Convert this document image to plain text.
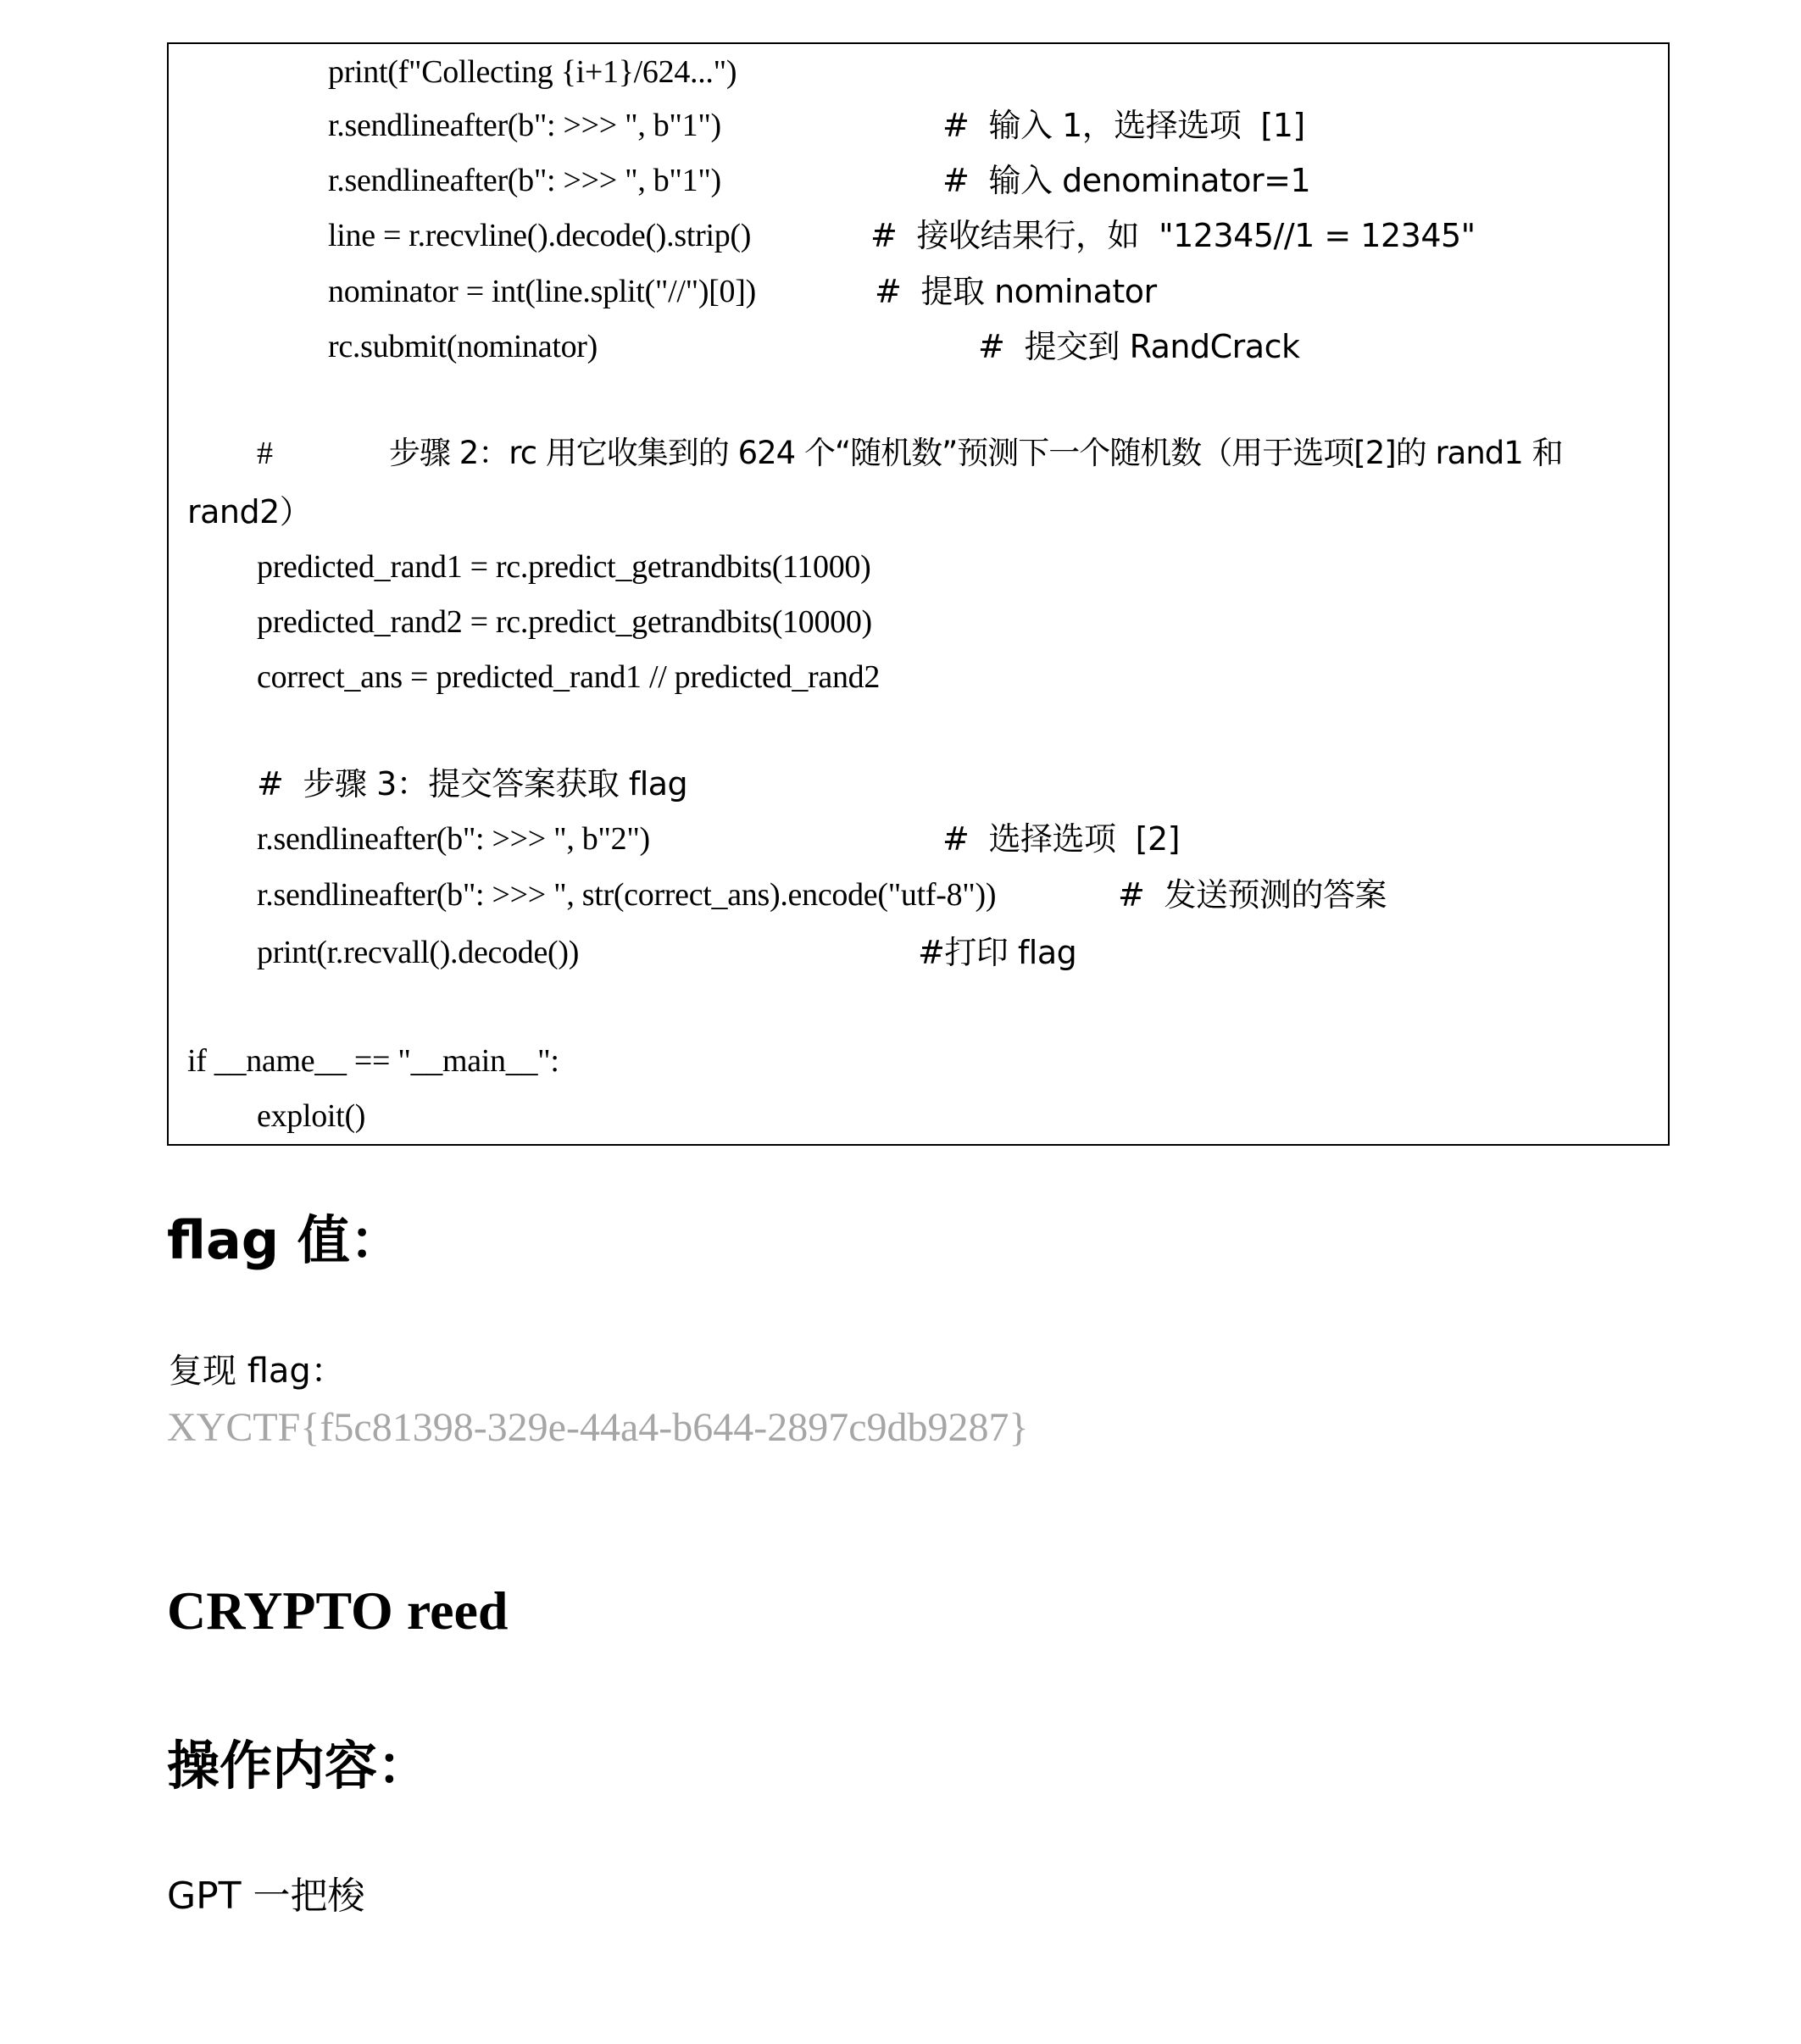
print(f"Collecting {i+1}/624...")
r.sendlineafter(b": >>> ", b"1")	#  输入 1，选择选项  [1]
r.sendlineafter(b": >>> ", b"1")	#  输入 denominator=1
line = r.recvline().decode().strip()	#  接收结果行，如  "12345//1 = 12345"
nominator = int(line.split("//")[0])	#  提取 nominator
rc.submit(nominator)	#  提交到 RandCrack
#	步骤 2：rc 用它收集到的 624 个“随机数”预测下一个随机数（用于选项[2]的 rand1 和
rand2）
predicted_rand1 = rc.predict_getrandbits(11000)
predicted_rand2 = rc.predict_getrandbits(10000)
correct_ans = predicted_rand1 // predicted_rand2
#  步骤 3：提交答案获取 flag
r.sendlineafter(b": >>> ", b"2")	#  选择选项  [2]
r.sendlineafter(b": >>> ", str(correct_ans).encode("utf-8"))	#  发送预测的答案
print(r.recvall().decode())	#打印 flag
if __name__ == "__main__":
exploit()
flag 值：
复现 flag：
XYCTF{f5c81398-329e-44a4-b644-2897c9db9287}
CRYPTO reed
操作内容：
GPT 一把梭
